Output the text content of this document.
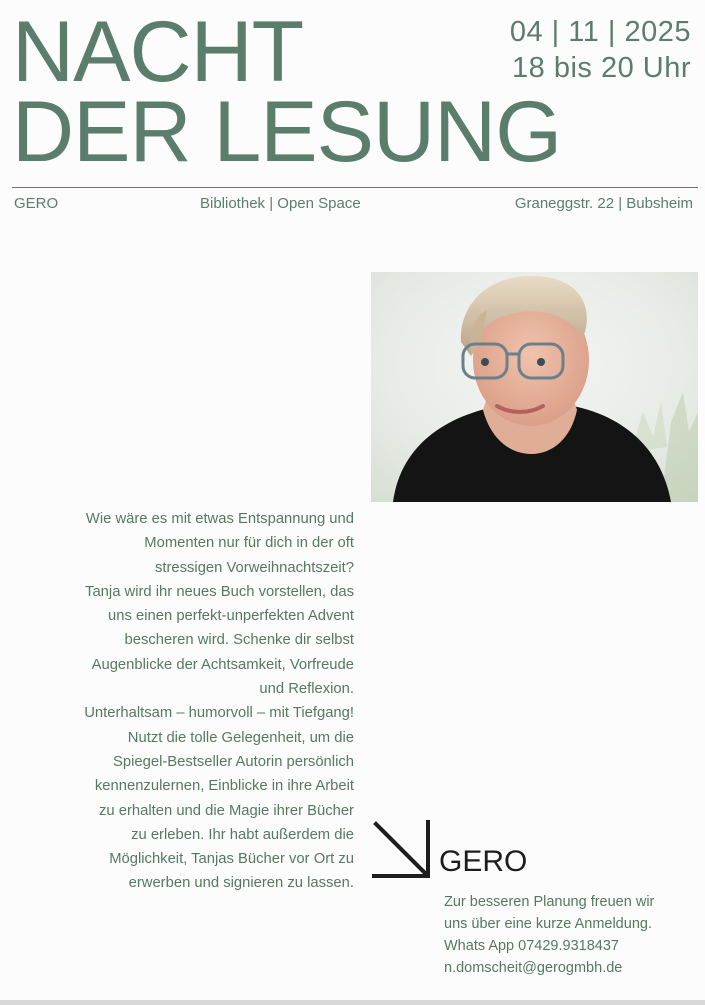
NACHT
DER LESUNG
04 | 11 | 2025
18 bis 20 Uhr
GERO	Bibliothek | Open Space	Graneggstr. 22 | Bubsheim
Wie wäre es mit etwas Entspannung und
Momenten nur für dich in der oft
stressigen Vorweihnachtszeit?
Tanja wird ihr neues Buch vorstellen, das
uns einen perfekt-unperfekten Advent
bescheren wird. Schenke dir selbst
Augenblicke der Achtsamkeit, Vorfreude
und Reflexion.
Unterhaltsam – humorvoll – mit Tiefgang!
Nutzt die tolle Gelegenheit, um die
Spiegel-Bestseller Autorin persönlich
kennenzulernen, Einblicke in ihre Arbeit
zu erhalten und die Magie ihrer Bücher
zu erleben. Ihr habt außerdem die
Möglichkeit, Tanjas Bücher vor Ort zu
erwerben und signieren zu lassen.
GERO
Zur besseren Planung freuen wir
uns über eine kurze Anmeldung.
Whats App 07429.9318437
n.domscheit@gerogmbh.de
